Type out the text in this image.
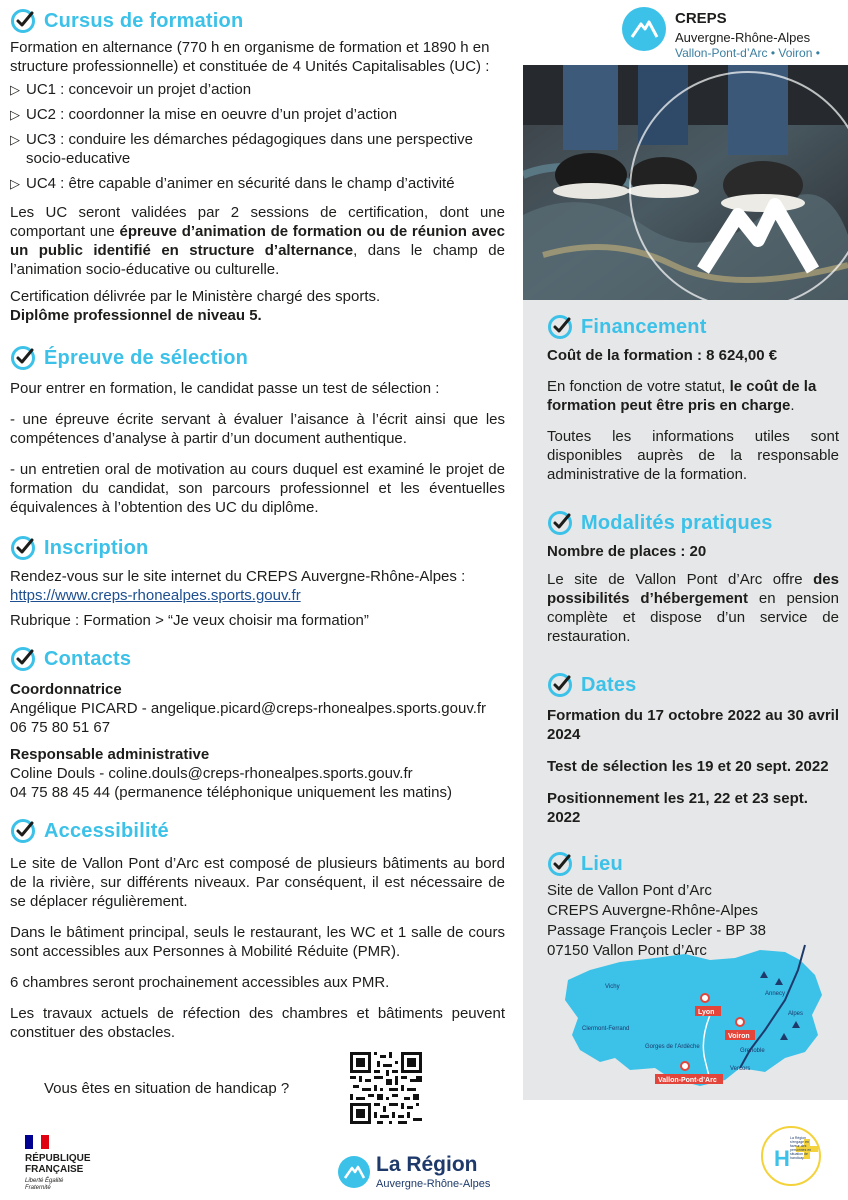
CREPS
Auvergne-Rhône-Alpes
Vallon-Pont-d’Arc • Voiron •
Cursus de formation

Formation en alternance (770 h en organisme de formation et 1890 h en structure professionnelle) et constituée de 4 Unités Capitalisables (UC) :

▷ UC1 : concevoir un projet d’action
▷ UC2 : coordonner la mise en oeuvre d’un projet d’action
▷ UC3 : conduire les démarches pédagogiques dans une perspective socio-educative
▷ UC4 : être capable d’animer en sécurité dans le champ d’activité

Les UC seront validées par 2 sessions de certification, dont une comportant une épreuve d’animation de formation ou de réunion avec un public identifié en structure d’alternance, dans le champ de l’animation socio-éducative ou culturelle.

Certification délivrée par le Ministère chargé des sports.

Diplôme professionnel de niveau 5.

Épreuve de sélection

Pour entrer en formation, le candidat passe un test de sélection :

- une épreuve écrite servant à évaluer l’aisance à l’écrit ainsi que les compétences d’analyse à partir d’un document authentique.

- un entretien oral de motivation au cours duquel est examiné le projet de formation du candidat, son parcours professionnel et les éventuelles équivalences à l’obtention des UC du diplôme.

Inscription

Rendez-vous sur le site internet du CREPS Auvergne-Rhône-Alpes :

https://www.creps-rhonealpes.sports.gouv.fr

Rubrique : Formation > “Je veux choisir ma formation”

Contacts

Coordonnatrice

Angélique PICARD - angelique.picard@creps-rhonealpes.sports.gouv.fr

06 75 80 51 67

Responsable administrative

Coline Douls - coline.douls@creps-rhonealpes.sports.gouv.fr

04 75 88 45 44 (permanence téléphonique uniquement les matins)

Accessibilité

Le site de Vallon Pont d’Arc est composé de plusieurs bâtiments au bord de la rivière, sur différents niveaux. Par conséquent, il est nécessaire de se déplacer régulièrement.

Dans le bâtiment principal, seuls le restaurant, les WC et 1 salle de cours sont accessibles aux Personnes à Mobilité Réduite (PMR).

6 chambres seront prochainement accessibles aux PMR.

Les travaux actuels de réfection des chambres et bâtiments peuvent constituer des obstacles.

Vous êtes en situation de handicap ?

Financement

Coût de la formation : 8 624,00 €

En fonction de votre statut, le coût de la formation peut être pris en charge.

Toutes les informations utiles sont disponibles auprès de la responsable administrative de la formation.

Modalités pratiques

Nombre de places : 20

Le site de Vallon Pont d’Arc offre des possibilités d’hébergement en pension complète et dispose d’un service de restauration.

Dates

Formation du 17 octobre 2022 au 30 avril 2024

Test de sélection les 19 et 20 sept. 2022

Positionnement les 21, 22 et 23 sept. 2022

Lieu

Site de Vallon Pont d’Arc

CREPS Auvergne-Rhône-Alpes

Passage François Lecler - BP 38

07150 Vallon Pont d’Arc

Vichy
Clermont-Ferrand
Annecy
Alpes
Grenoble
Vercors
Gorges de l’Ardèche
Lyon
Voiron
Vallon-Pont-d’Arc
RÉPUBLIQUE
FRANÇAISE
Liberté Égalité Fraternité
La Région
Auvergne-Rhône-Alpes
H
La Région s'engage en faveur des personnes en situation de handicap
